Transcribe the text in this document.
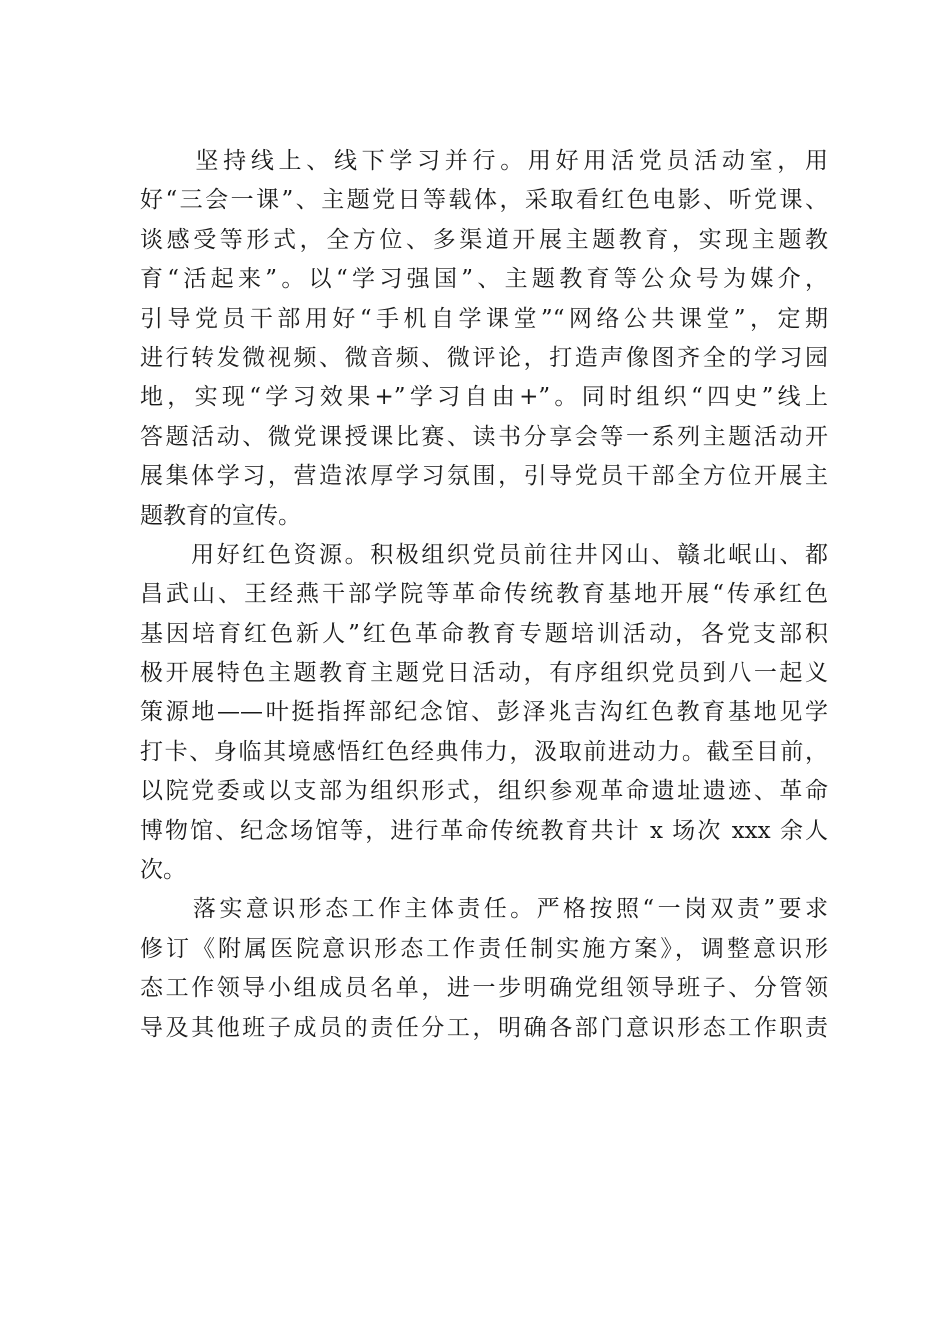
　　坚持线上、线下学习并行。用好用活党员活动室，用
好“三会一课”、主题党日等载体，采取看红色电影、听党课、
谈感受等形式，全方位、多渠道开展主题教育，实现主题教
育“活起来”。以“学习强国”、主题教育等公众号为媒介，
引导党员干部用好“手机自学课堂”“网络公共课堂”，定期
进行转发微视频、微音频、微评论，打造声像图齐全的学习园
地，实现“学习效果+”学习自由+”。同时组织“四史”线上
答题活动、微党课授课比赛、读书分享会等一系列主题活动开
展集体学习，营造浓厚学习氛围，引导党员干部全方位开展主
题教育的宣传。
　　用好红色资源。积极组织党员前往井冈山、赣北岷山、都
昌武山、王经燕干部学院等革命传统教育基地开展“传承红色
基因培育红色新人”红色革命教育专题培训活动，各党支部积
极开展特色主题教育主题党日活动，有序组织党员到八一起义
策源地——叶挺指挥部纪念馆、彭泽兆吉沟红色教育基地见学
打卡、身临其境感悟红色经典伟力，汲取前进动力。截至目前，
以院党委或以支部为组织形式，组织参观革命遗址遗迹、革命
博物馆、纪念场馆等，进行革命传统教育共计 x 场次 xxx 余人
次。
　　落实意识形态工作主体责任。严格按照“一岗双责”要求
修订《附属医院意识形态工作责任制实施方案》，调整意识形
态工作领导小组成员名单，进一步明确党组领导班子、分管领
导及其他班子成员的责任分工，明确各部门意识形态工作职责
